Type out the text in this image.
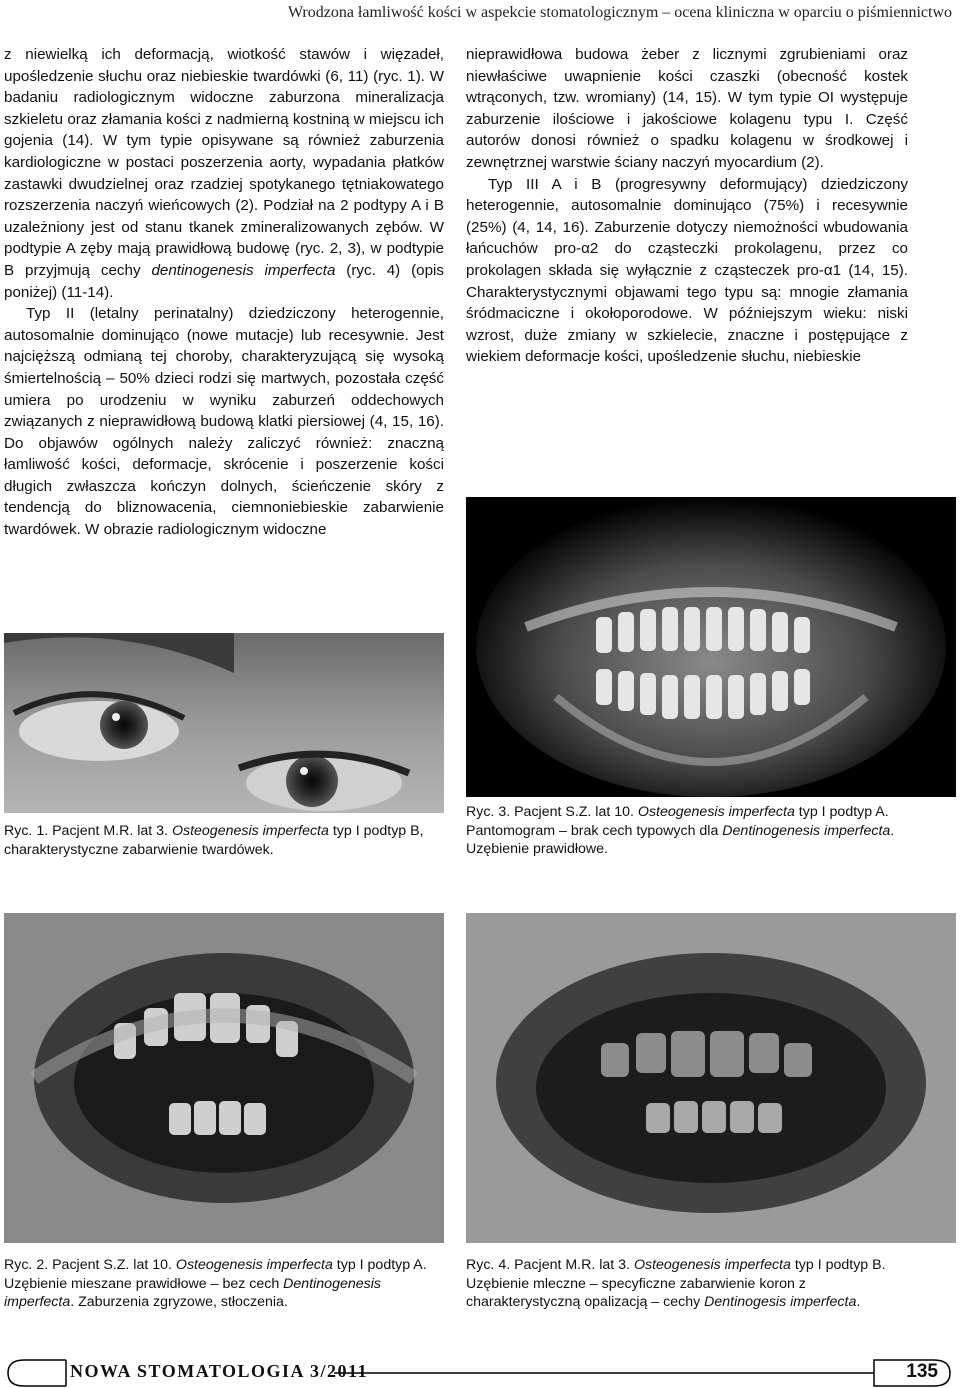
Wrodzona łamliwość kości w aspekcie stomatologicznym – ocena kliniczna w oparciu o piśmiennictwo

z niewielką ich deformacją, wiotkość stawów i więzadeł, upośledzenie słuchu oraz niebieskie twardówki (6, 11) (ryc. 1). W badaniu radiologicznym widoczne zaburzona mineralizacja szkieletu oraz złamania kości z nadmierną kostniną w miejscu ich gojenia (14). W tym typie opisywane są również zaburzenia kardiologiczne w postaci poszerzenia aorty, wypadania płatków zastawki dwudzielnej oraz rzadziej spotykanego tętniakowatego rozszerzenia naczyń wieńcowych (2). Podział na 2 podtypy A i B uzależniony jest od stanu tkanek zmineralizowanych zębów. W podtypie A zęby mają prawidłową budowę (ryc. 2, 3), w podtypie B przyjmują cechy dentinogenesis imperfecta (ryc. 4) (opis poniżej) (11-14).

Typ II (letalny perinatalny) dziedziczony heterogennie, autosomalnie dominująco (nowe mutacje) lub recesywnie. Jest najcięższą odmianą tej choroby, charakteryzującą się wysoką śmiertelnością – 50% dzieci rodzi się martwych, pozostała część umiera po urodzeniu w wyniku zaburzeń oddechowych związanych z nieprawidłową budową klatki piersiowej (4, 15, 16). Do objawów ogólnych należy zaliczyć również: znaczną łamliwość kości, deformacje, skrócenie i poszerzenie kości długich zwłaszcza kończyn dolnych, ścieńczenie skóry z tendencją do bliznowacenia, ciemnoniebieskie zabarwienie twardówek. W obrazie radiologicznym widoczne

nieprawidłowa budowa żeber z licznymi zgrubieniami oraz niewłaściwe uwapnienie kości czaszki (obecność kostek wtrąconych, tzw. wromiany) (14, 15). W tym typie OI występuje zaburzenie ilościowe i jakościowe kolagenu typu I. Część autorów donosi również o spadku kolagenu w środkowej i zewnętrznej warstwie ściany naczyń myocardium (2).

Typ III A i B (progresywny deformujący) dziedziczony heterogennie, autosomalnie dominująco (75%) i recesywnie (25%) (4, 14, 16). Zaburzenie dotyczy niemożności wbudowania łańcuchów pro-α2 do cząsteczki prokolagenu, przez co prokolagen składa się wyłącznie z cząsteczek pro-α1 (14, 15). Charakterystycznymi objawami tego typu są: mnogie złamania śródmaciczne i okołoporodowe. W późniejszym wieku: niski wzrost, duże zmiany w szkielecie, znaczne i postępujące z wiekiem deformacje kości, upośledzenie słuchu, niebieskie

Ryc. 1. Pacjent M.R. lat 3. Osteogenesis imperfecta typ I podtyp B, charakterystyczne zabarwienie twardówek.
Ryc. 3. Pacjent S.Z. lat 10. Osteogenesis imperfecta typ I podtyp A. Pantomogram – brak cech typowych dla Dentinogenesis imperfecta. Uzębienie prawidłowe.
Ryc. 2. Pacjent S.Z. lat 10. Osteogenesis imperfecta typ I podtyp A. Uzębienie mieszane prawidłowe – bez cech Dentinogenesis imperfecta. Zaburzenia zgryzowe, stłoczenia.
Ryc. 4. Pacjent M.R. lat 3. Osteogenesis imperfecta typ I podtyp B. Uzębienie mleczne – specyficzne zabarwienie koron z charakterystyczną opalizacją – cechy Dentinogesis imperfecta.
NOWA STOMATOLOGIA 3/2011	135
